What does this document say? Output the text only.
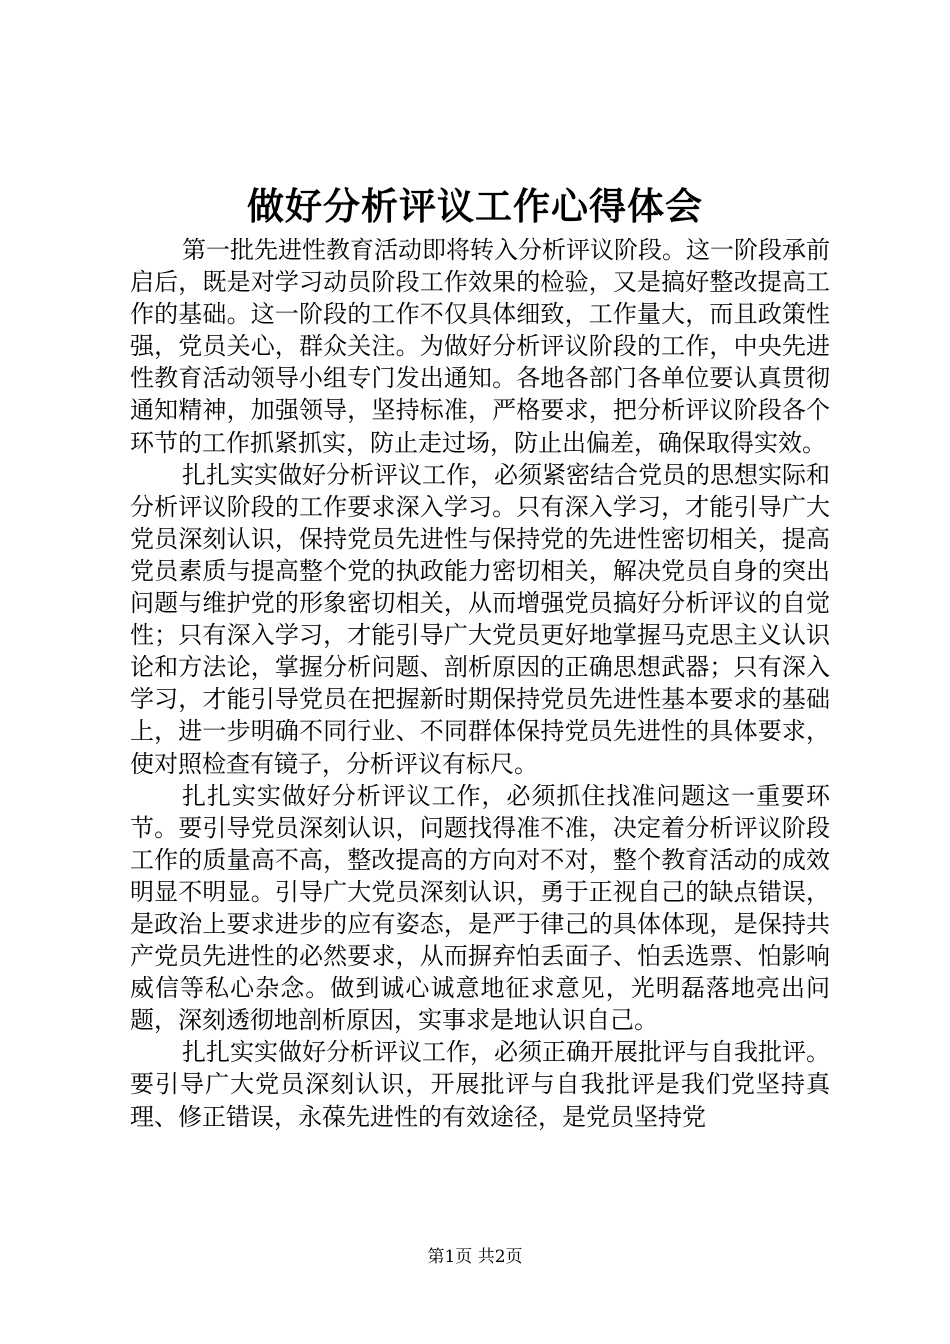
做好分析评议工作心得体会

第一批先进性教育活动即将转入分析评议阶段。这一阶段承前启后，既是对学习动员阶段工作效果的检验，又是搞好整改提高工作的基础。这一阶段的工作不仅具体细致，工作量大，而且政策性强，党员关心，群众关注。为做好分析评议阶段的工作，中央先进性教育活动领导小组专门发出通知。各地各部门各单位要认真贯彻通知精神，加强领导，坚持标准，严格要求，把分析评议阶段各个环节的工作抓紧抓实，防止走过场，防止出偏差，确保取得实效。

扎扎实实做好分析评议工作，必须紧密结合党员的思想实际和分析评议阶段的工作要求深入学习。只有深入学习，才能引导广大党员深刻认识，保持党员先进性与保持党的先进性密切相关，提高党员素质与提高整个党的执政能力密切相关，解决党员自身的突出问题与维护党的形象密切相关，从而增强党员搞好分析评议的自觉性；只有深入学习，才能引导广大党员更好地掌握马克思主义认识论和方法论，掌握分析问题、剖析原因的正确思想武器；只有深入学习，才能引导党员在把握新时期保持党员先进性基本要求的基础上，进一步明确不同行业、不同群体保持党员先进性的具体要求，使对照检查有镜子，分析评议有标尺。

扎扎实实做好分析评议工作，必须抓住找准问题这一重要环节。要引导党员深刻认识，问题找得准不准，决定着分析评议阶段工作的质量高不高，整改提高的方向对不对，整个教育活动的成效明显不明显。引导广大党员深刻认识，勇于正视自己的缺点错误，是政治上要求进步的应有姿态，是严于律己的具体体现，是保持共产党员先进性的必然要求，从而摒弃怕丢面子、怕丢选票、怕影响威信等私心杂念。做到诚心诚意地征求意见，光明磊落地亮出问题，深刻透彻地剖析原因，实事求是地认识自己。

扎扎实实做好分析评议工作，必须正确开展批评与自我批评。要引导广大党员深刻认识，开展批评与自我批评是我们党坚持真理、修正错误，永葆先进性的有效途径，是党员坚持党

第1页 共2页
